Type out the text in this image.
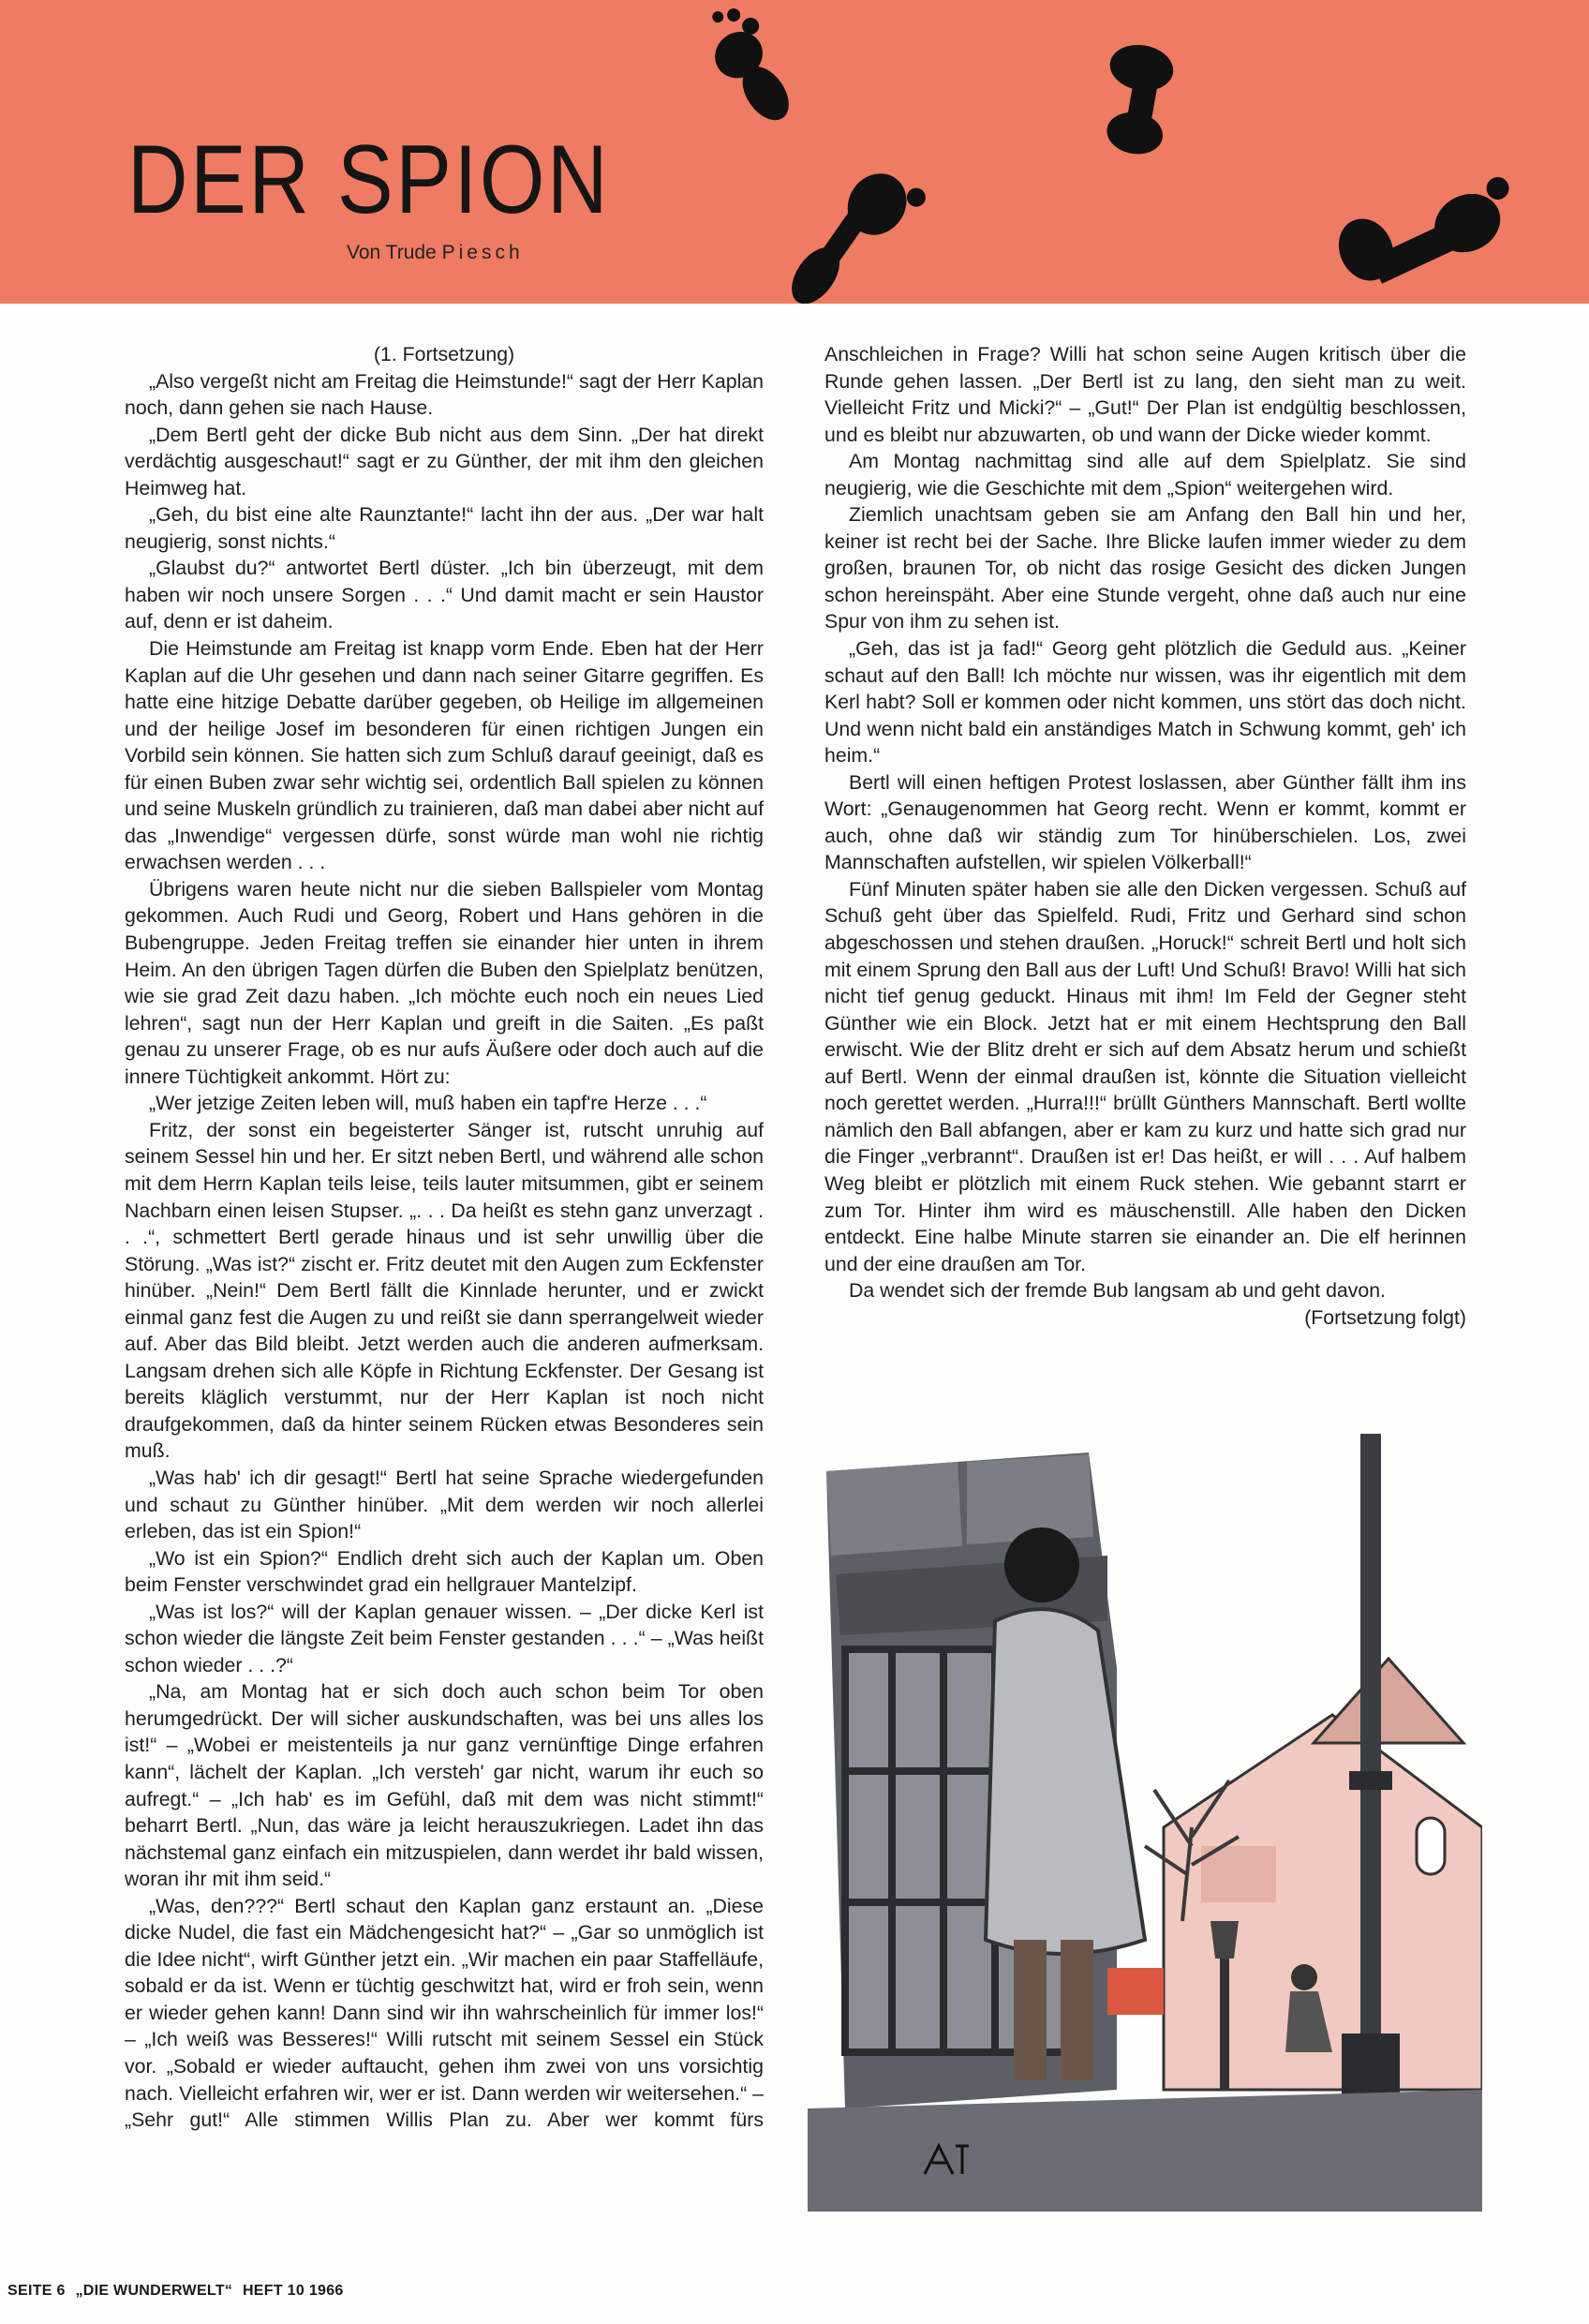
DER SPION
Von Trude Piesch

(1. Fortsetzung)

„Also vergeßt nicht am Freitag die Heimstunde!“ sagt der Herr Kaplan noch, dann gehen sie nach Hause.

„Dem Bertl geht der dicke Bub nicht aus dem Sinn. „Der hat direkt verdächtig ausgeschaut!“ sagt er zu Günther, der mit ihm den gleichen Heimweg hat.

„Geh, du bist eine alte Raunztante!“ lacht ihn der aus. „Der war halt neugierig, sonst nichts.“

„Glaubst du?“ antwortet Bertl düster. „Ich bin überzeugt, mit dem haben wir noch unsere Sorgen . . .“ Und damit macht er sein Haustor auf, denn er ist daheim.

Die Heimstunde am Freitag ist knapp vorm Ende. Eben hat der Herr Kaplan auf die Uhr gesehen und dann nach seiner Gitarre gegriffen. Es hatte eine hitzige Debatte darüber gegeben, ob Heilige im allgemeinen und der heilige Josef im besonderen für einen richtigen Jungen ein Vorbild sein können. Sie hatten sich zum Schluß darauf geeinigt, daß es für einen Buben zwar sehr wichtig sei, ordentlich Ball spielen zu können und seine Muskeln gründlich zu trainieren, daß man dabei aber nicht auf das „Inwendige“ vergessen dürfe, sonst würde man wohl nie richtig erwachsen werden . . .

Übrigens waren heute nicht nur die sieben Ballspieler vom Montag gekommen. Auch Rudi und Georg, Robert und Hans gehören in die Bubengruppe. Jeden Freitag treffen sie einander hier unten in ihrem Heim. An den übrigen Tagen dürfen die Buben den Spielplatz benützen, wie sie grad Zeit dazu haben. „Ich möchte euch noch ein neues Lied lehren“, sagt nun der Herr Kaplan und greift in die Saiten. „Es paßt genau zu unserer Frage, ob es nur aufs Äußere oder doch auch auf die innere Tüchtigkeit ankommt. Hört zu:

„Wer jetzige Zeiten leben will, muß haben ein tapf're Herze . . .“

Fritz, der sonst ein begeisterter Sänger ist, rutscht unruhig auf seinem Sessel hin und her. Er sitzt neben Bertl, und während alle schon mit dem Herrn Kaplan teils leise, teils lauter mitsummen, gibt er seinem Nachbarn einen leisen Stupser. „. . . Da heißt es stehn ganz unverzagt . . .“, schmettert Bertl gerade hinaus und ist sehr unwillig über die Störung. „Was ist?“ zischt er. Fritz deutet mit den Augen zum Eckfenster hinüber. „Nein!“ Dem Bertl fällt die Kinnlade herunter, und er zwickt einmal ganz fest die Augen zu und reißt sie dann sperrangelweit wieder auf. Aber das Bild bleibt. Jetzt werden auch die anderen aufmerksam. Langsam drehen sich alle Köpfe in Richtung Eckfenster. Der Gesang ist bereits kläglich verstummt, nur der Herr Kaplan ist noch nicht draufgekommen, daß da hinter seinem Rücken etwas Besonderes sein muß.

„Was hab' ich dir gesagt!“ Bertl hat seine Sprache wiedergefunden und schaut zu Günther hinüber. „Mit dem werden wir noch allerlei erleben, das ist ein Spion!“

„Wo ist ein Spion?“ Endlich dreht sich auch der Kaplan um. Oben beim Fenster verschwindet grad ein hellgrauer Mantelzipf.

„Was ist los?“ will der Kaplan genauer wissen. – „Der dicke Kerl ist schon wieder die längste Zeit beim Fenster gestanden . . .“ – „Was heißt schon wieder . . .?“

„Na, am Montag hat er sich doch auch schon beim Tor oben herumgedrückt. Der will sicher auskundschaften, was bei uns alles los ist!“ – „Wobei er meistenteils ja nur ganz vernünftige Dinge erfahren kann“, lächelt der Kaplan. „Ich versteh' gar nicht, warum ihr euch so aufregt.“ – „Ich hab' es im Gefühl, daß mit dem was nicht stimmt!“ beharrt Bertl. „Nun, das wäre ja leicht herauszukriegen. Ladet ihn das nächstemal ganz einfach ein mitzuspielen, dann werdet ihr bald wissen, woran ihr mit ihm seid.“

„Was, den???“ Bertl schaut den Kaplan ganz erstaunt an. „Diese dicke Nudel, die fast ein Mädchengesicht hat?“ – „Gar so unmöglich ist die Idee nicht“, wirft Günther jetzt ein. „Wir machen ein paar Staffelläufe, sobald er da ist. Wenn er tüchtig geschwitzt hat, wird er froh sein, wenn er wieder gehen kann! Dann sind wir ihn wahrscheinlich für immer los!“ – „Ich weiß was Besseres!“ Willi rutscht mit seinem Sessel ein Stück vor. „Sobald er wieder auftaucht, gehen ihm zwei von uns vorsichtig nach. Vielleicht erfahren wir, wer er ist. Dann werden wir weitersehen.“ – „Sehr gut!“ Alle stimmen Willis Plan zu. Aber wer kommt fürs

Anschleichen in Frage? Willi hat schon seine Augen kritisch über die Runde gehen lassen. „Der Bertl ist zu lang, den sieht man zu weit. Vielleicht Fritz und Micki?“ – „Gut!“ Der Plan ist endgültig beschlossen, und es bleibt nur abzuwarten, ob und wann der Dicke wieder kommt.

Am Montag nachmittag sind alle auf dem Spielplatz. Sie sind neugierig, wie die Geschichte mit dem „Spion“ weitergehen wird.

Ziemlich unachtsam geben sie am Anfang den Ball hin und her, keiner ist recht bei der Sache. Ihre Blicke laufen immer wieder zu dem großen, braunen Tor, ob nicht das rosige Gesicht des dicken Jungen schon hereinspäht. Aber eine Stunde vergeht, ohne daß auch nur eine Spur von ihm zu sehen ist.

„Geh, das ist ja fad!“ Georg geht plötzlich die Geduld aus. „Keiner schaut auf den Ball! Ich möchte nur wissen, was ihr eigentlich mit dem Kerl habt? Soll er kommen oder nicht kommen, uns stört das doch nicht. Und wenn nicht bald ein anständiges Match in Schwung kommt, geh' ich heim.“

Bertl will einen heftigen Protest loslassen, aber Günther fällt ihm ins Wort: „Genaugenommen hat Georg recht. Wenn er kommt, kommt er auch, ohne daß wir ständig zum Tor hinüberschielen. Los, zwei Mannschaften aufstellen, wir spielen Völkerball!“

Fünf Minuten später haben sie alle den Dicken vergessen. Schuß auf Schuß geht über das Spielfeld. Rudi, Fritz und Gerhard sind schon abgeschossen und stehen draußen. „Horuck!“ schreit Bertl und holt sich mit einem Sprung den Ball aus der Luft! Und Schuß! Bravo! Willi hat sich nicht tief genug geduckt. Hinaus mit ihm! Im Feld der Gegner steht Günther wie ein Block. Jetzt hat er mit einem Hechtsprung den Ball erwischt. Wie der Blitz dreht er sich auf dem Absatz herum und schießt auf Bertl. Wenn der einmal draußen ist, könnte die Situation vielleicht noch gerettet werden. „Hurra!!!“ brüllt Günthers Mannschaft. Bertl wollte nämlich den Ball abfangen, aber er kam zu kurz und hatte sich grad nur die Finger „verbrannt“. Draußen ist er! Das heißt, er will . . . Auf halbem Weg bleibt er plötzlich mit einem Ruck stehen. Wie gebannt starrt er zum Tor. Hinter ihm wird es mäuschenstill. Alle haben den Dicken entdeckt. Eine halbe Minute starren sie einander an. Die elf herinnen und der eine draußen am Tor.

Da wendet sich der fremde Bub langsam ab und geht davon.

(Fortsetzung folgt)

SEITE 6 „DIE WUNDERWELT“ HEFT 10 1966
